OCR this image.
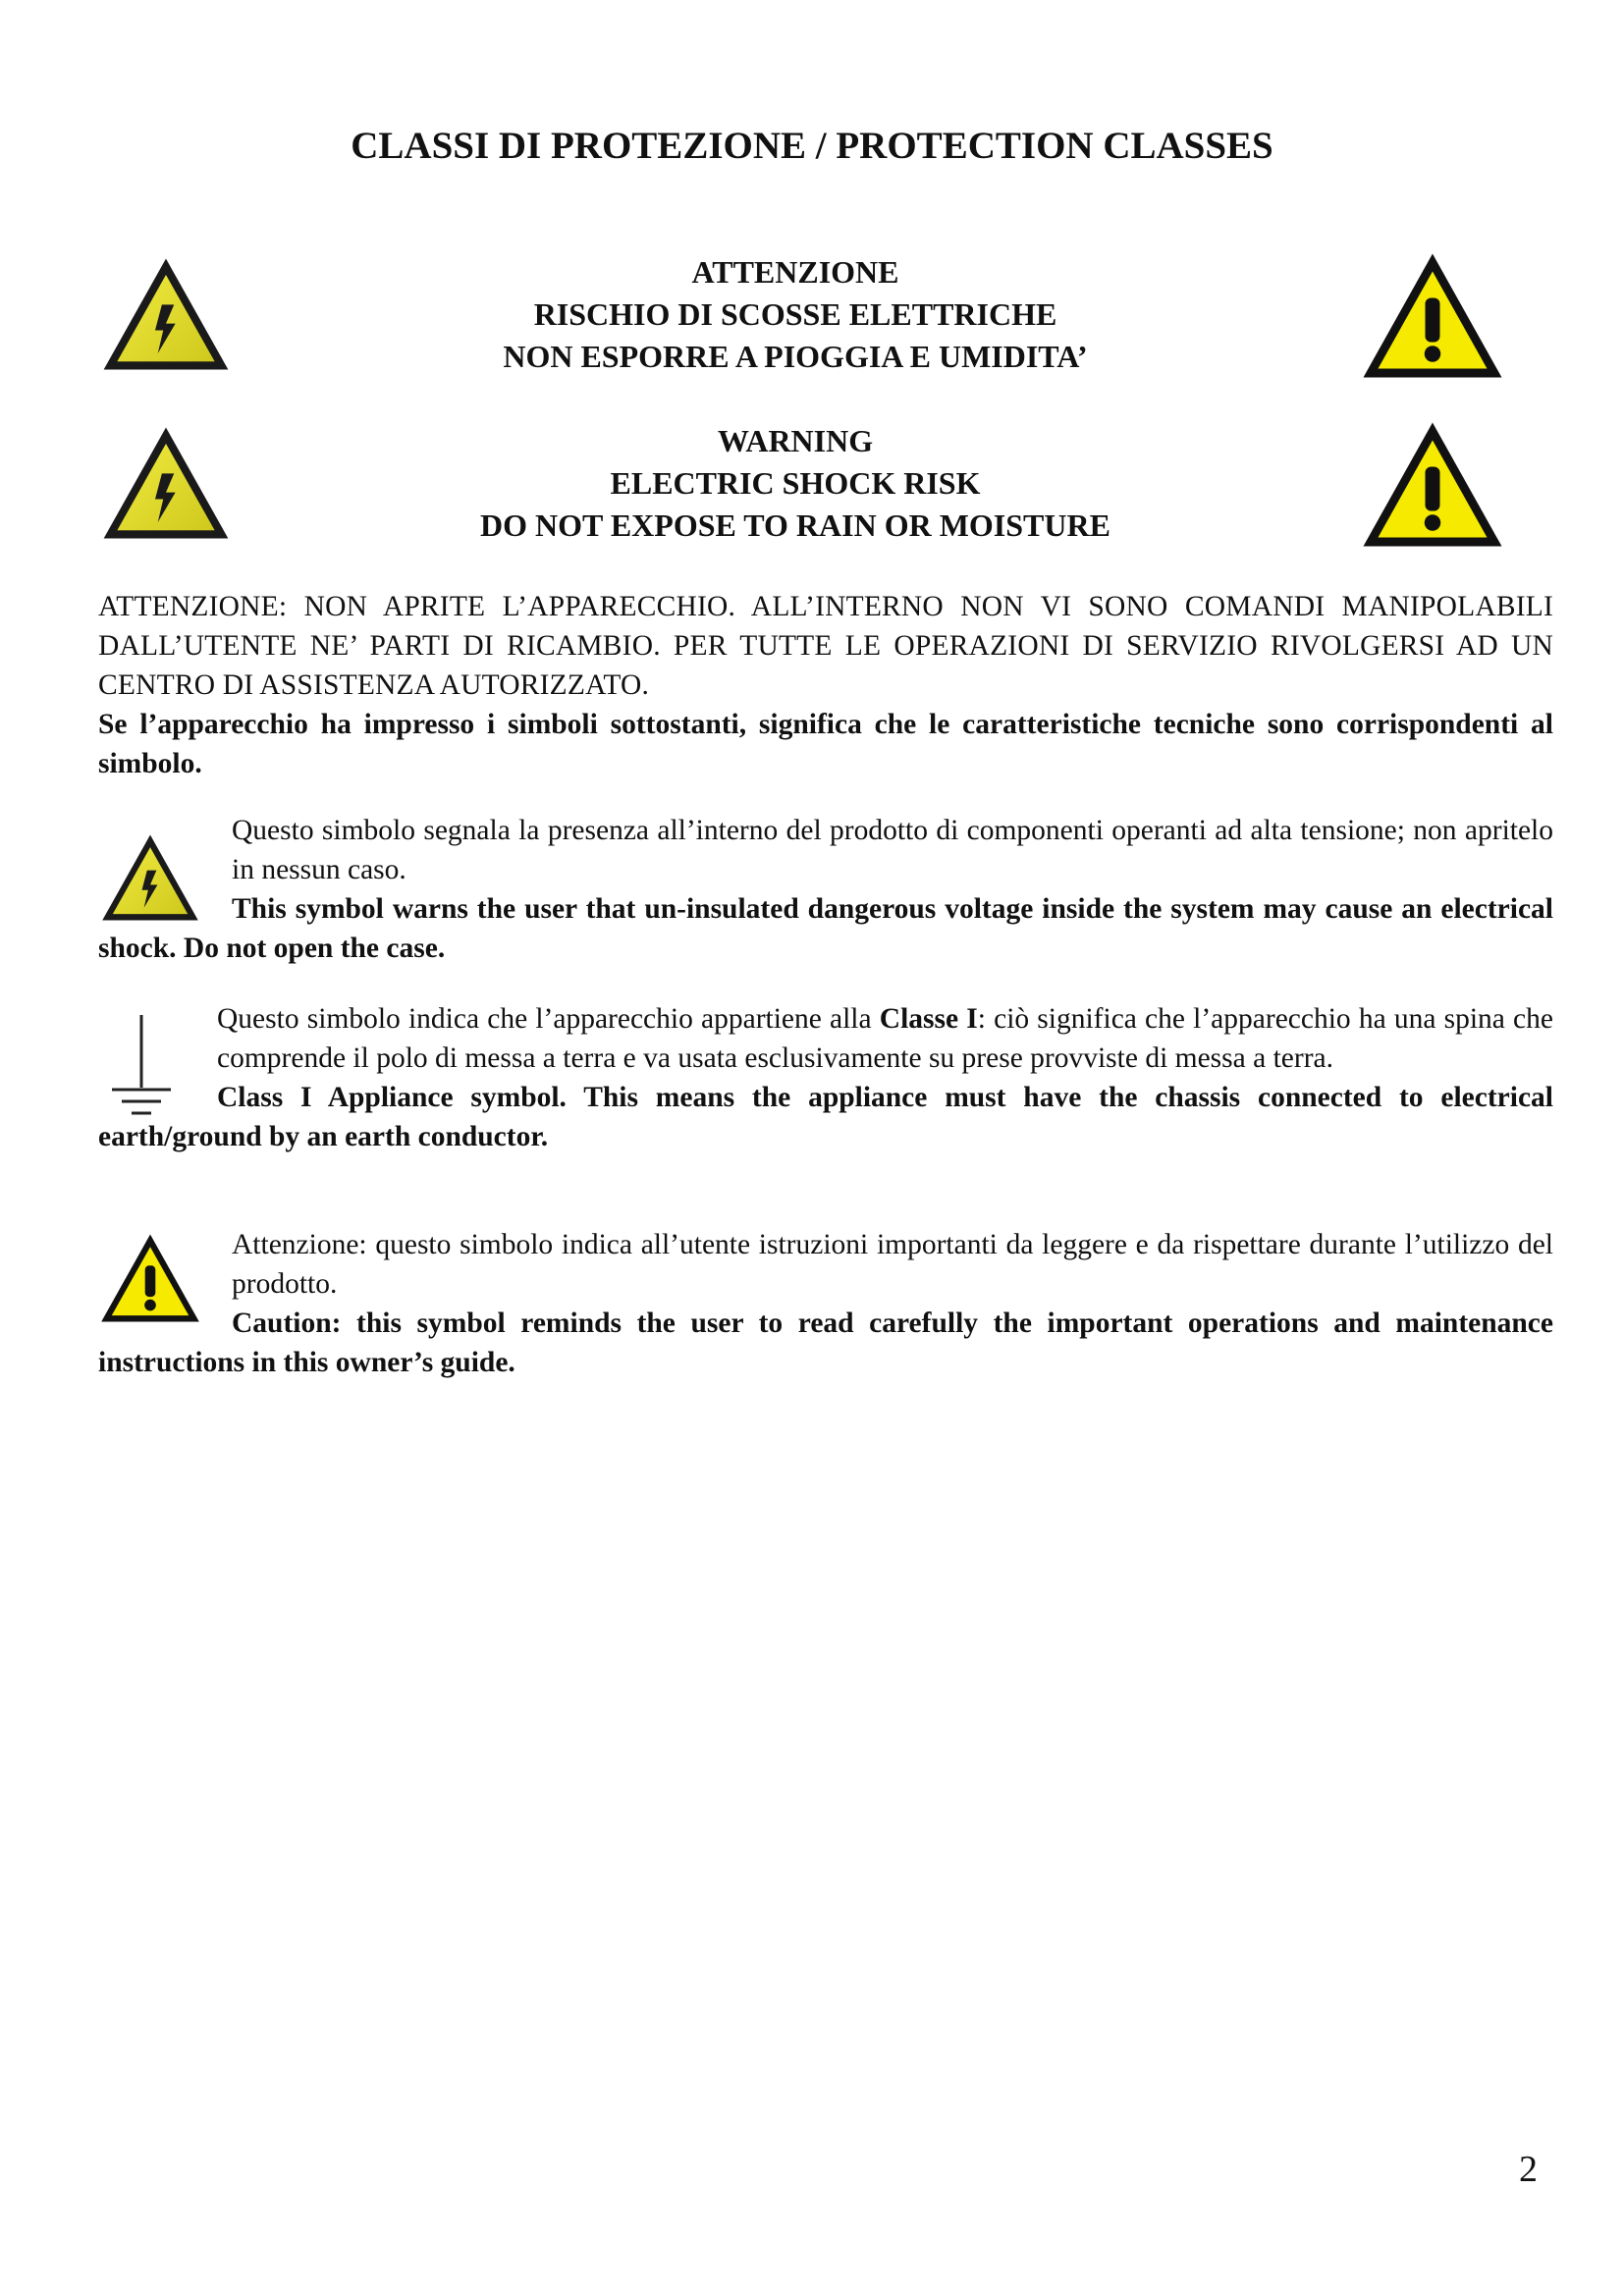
CLASSI DI PROTEZIONE / PROTECTION CLASSES
ATTENZIONE
RISCHIO DI SCOSSE ELETTRICHE
NON ESPORRE A PIOGGIA E UMIDITA’
WARNING
ELECTRIC SHOCK RISK
DO NOT EXPOSE TO RAIN OR MOISTURE
ATTENZIONE: NON APRITE L’APPARECCHIO. ALL’INTERNO NON VI SONO COMANDI MANIPOLABILI DALL’UTENTE NE’ PARTI DI RICAMBIO. PER TUTTE LE OPERAZIONI DI SERVIZIO RIVOLGERSI AD UN CENTRO DI ASSISTENZA AUTORIZZATO.
Se l’apparecchio ha impresso i simboli sottostanti, significa che le caratteristiche tecniche sono corrispondenti al simbolo.
Questo simbolo segnala la presenza all’interno del prodotto di componenti operanti ad alta tensione; non apritelo in nessun caso.
This symbol warns the user that un-insulated dangerous voltage inside the system may cause an electrical shock. Do not open the case.
Questo simbolo indica che l’apparecchio appartiene alla Classe I: ciò significa che l’apparecchio ha una spina che comprende il polo di messa a terra e va usata esclusivamente su prese provviste di messa a terra.
Class I Appliance symbol. This means the appliance must have the chassis connected to electrical earth/ground by an earth conductor.
Attenzione: questo simbolo indica all’utente istruzioni importanti da leggere e da rispettare durante l’utilizzo del prodotto.
Caution: this symbol reminds the user to read carefully the important operations and maintenance instructions in this owner’s guide.

2
